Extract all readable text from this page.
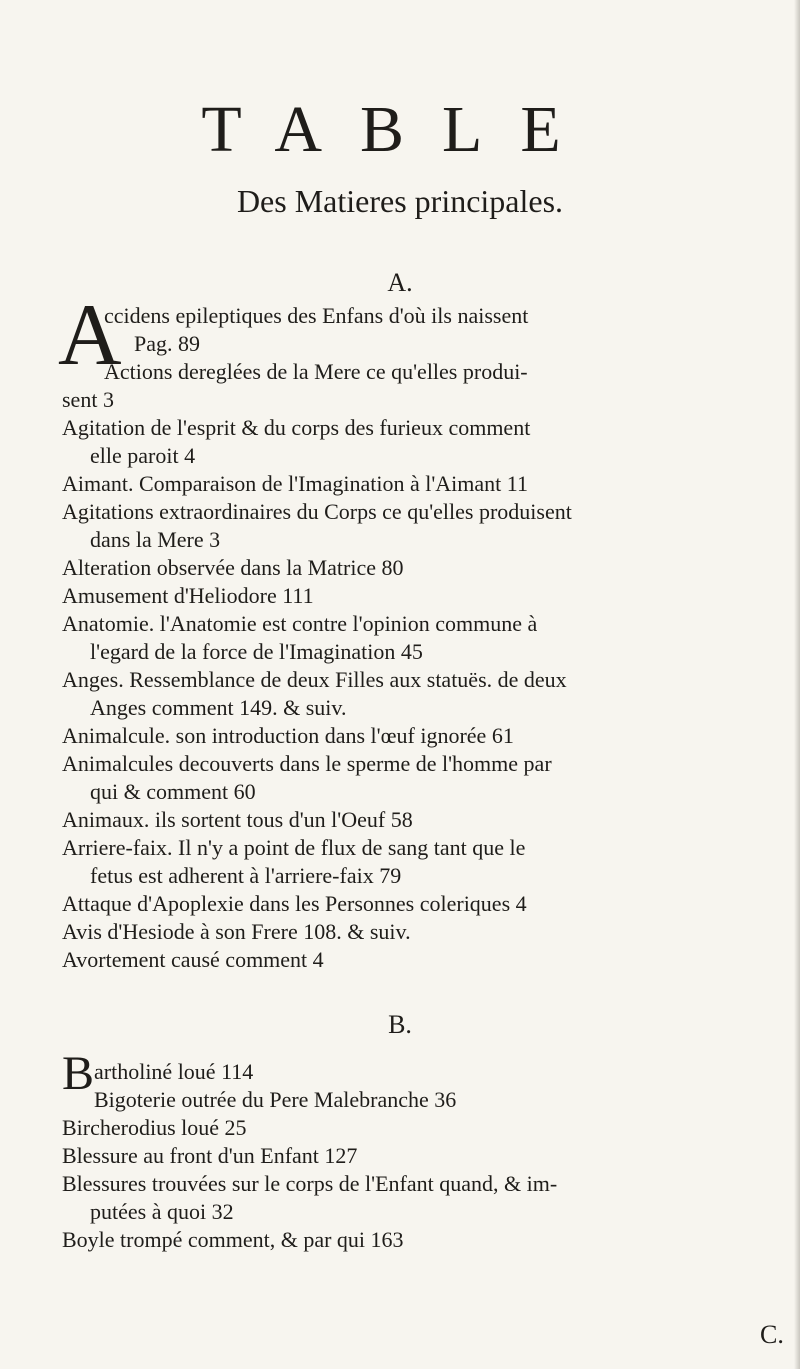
TABLE
Des Matieres principales.
A.
A
ccidens epileptiques des Enfans d'où ils naissent
Pag. 89
Actions dereglées de la Mere ce qu'elles produi-
sent 3
Agitation de l'esprit & du corps des furieux comment
elle paroit 4
Aimant. Comparaison de l'Imagination à l'Aimant 11
Agitations extraordinaires du Corps ce qu'elles produisent
dans la Mere 3
Alteration observée dans la Matrice 80
Amusement d'Heliodore 111
Anatomie. l'Anatomie est contre l'opinion commune à
l'egard de la force de l'Imagination 45
Anges. Ressemblance de deux Filles aux statuës. de deux
Anges comment 149. & suiv.
Animalcule. son introduction dans l'œuf ignorée 61
Animalcules decouverts dans le sperme de l'homme par
qui & comment 60
Animaux. ils sortent tous d'un l'Oeuf 58
Arriere-faix. Il n'y a point de flux de sang tant que le
fetus est adherent à l'arriere-faix 79
Attaque d'Apoplexie dans les Personnes coleriques 4
Avis d'Hesiode à son Frere 108. & suiv.
Avortement causé comment 4
B.
B artholiné loué 114
Bigoterie outrée du Pere Malebranche 36
Bircherodius loué 25
Blessure au front d'un Enfant 127
Blessures trouvées sur le corps de l'Enfant quand, & im-
putées à quoi 32
Boyle trompé comment, & par qui 163
C.
